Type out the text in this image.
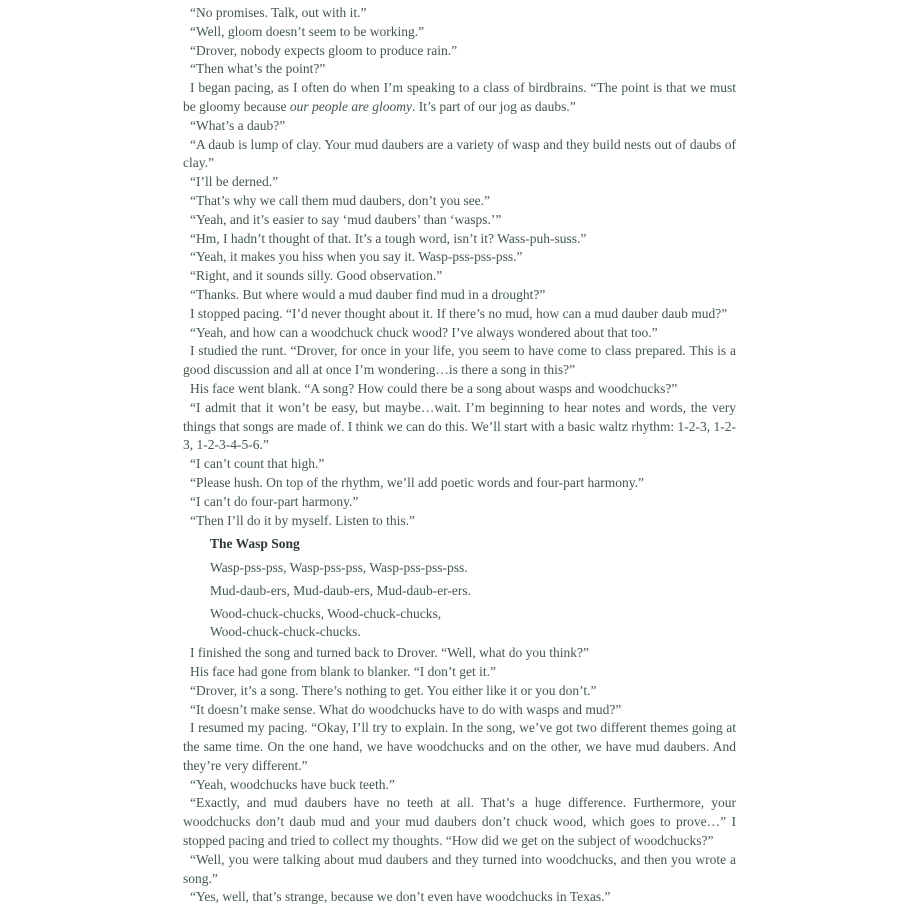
“No promises. Talk, out with it.”

“Well, gloom doesn’t seem to be working.”

“Drover, nobody expects gloom to produce rain.”

“Then what’s the point?”

I began pacing, as I often do when I’m speaking to a class of birdbrains. “The point is that we must be gloomy because our people are gloomy. It’s part of our jog as daubs.”

“What’s a daub?”

“A daub is lump of clay. Your mud daubers are a variety of wasp and they build nests out of daubs of clay.”

“I’ll be derned.”

“That’s why we call them mud daubers, don’t you see.”

“Yeah, and it’s easier to say ‘mud daubers’ than ‘wasps.’”

“Hm, I hadn’t thought of that. It’s a tough word, isn’t it? Wass-puh-suss.”

“Yeah, it makes you hiss when you say it. Wasp-pss-pss-pss.”

“Right, and it sounds silly. Good observation.”

“Thanks. But where would a mud dauber find mud in a drought?”

I stopped pacing. “I’d never thought about it. If there’s no mud, how can a mud dauber daub mud?”

“Yeah, and how can a woodchuck chuck wood? I’ve always wondered about that too.”

I studied the runt. “Drover, for once in your life, you seem to have come to class prepared. This is a good discussion and all at once I’m wondering…is there a song in this?”

His face went blank. “A song? How could there be a song about wasps and woodchucks?”

“I admit that it won’t be easy, but maybe…wait. I’m beginning to hear notes and words, the very things that songs are made of. I think we can do this. We’ll start with a basic waltz rhythm: 1-2-3, 1-2-3, 1-2-3-4-5-6.”

“I can’t count that high.”

“Please hush. On top of the rhythm, we’ll add poetic words and four-part harmony.”

“I can’t do four-part harmony.”

“Then I’ll do it by myself. Listen to this.”

The Wasp Song
Wasp-pss-pss, Wasp-pss-pss, Wasp-pss-pss-pss.
Mud-daub-ers, Mud-daub-ers, Mud-daub-er-ers.
Wood-chuck-chucks, Wood-chuck-chucks,
Wood-chuck-chuck-chucks.

I finished the song and turned back to Drover. “Well, what do you think?”

His face had gone from blank to blanker. “I don’t get it.”

“Drover, it’s a song. There’s nothing to get. You either like it or you don’t.”

“It doesn’t make sense. What do woodchucks have to do with wasps and mud?”

I resumed my pacing. “Okay, I’ll try to explain. In the song, we’ve got two different themes going at the same time. On the one hand, we have woodchucks and on the other, we have mud daubers. And they’re very different.”

“Yeah, woodchucks have buck teeth.”

“Exactly, and mud daubers have no teeth at all. That’s a huge difference. Furthermore, your woodchucks don’t daub mud and your mud daubers don’t chuck wood, which goes to prove…” I stopped pacing and tried to collect my thoughts. “How did we get on the subject of woodchucks?”

“Well, you were talking about mud daubers and they turned into woodchucks, and then you wrote a song.”

“Yes, well, that’s strange, because we don’t even have woodchucks in Texas.”
